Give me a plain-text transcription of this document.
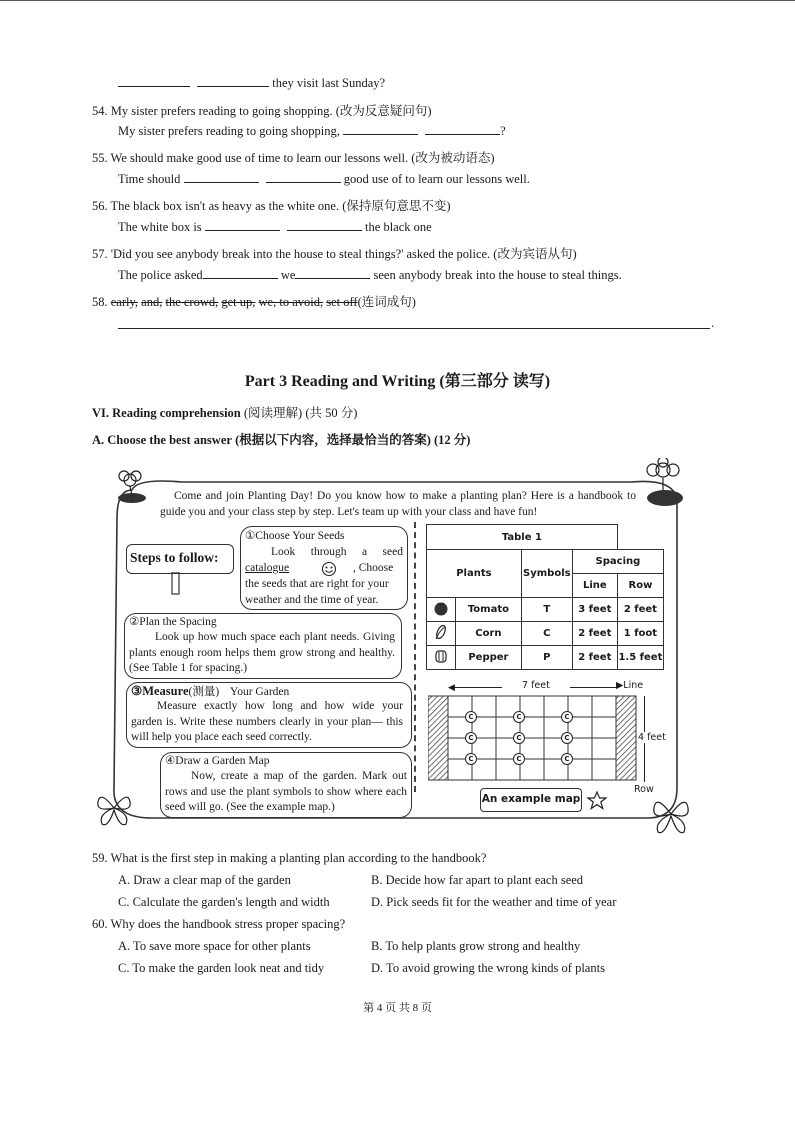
they visit last Sunday?
54. My sister prefers reading to going shopping. (改为反意疑问句)
My sister prefers reading to going shopping,	?
55. We should make good use of time to learn our lessons well. (改为被动语态)
Time should	good use of to learn our lessons well.
56. The black box isn't as heavy as the white one. (保持原句意思不变)
The white box is	the black one
57. 'Did you see anybody break into the house to steal things?' asked the police. (改为宾语从句)
The police asked	we	seen anybody break into the house to steal things.
58. early, and, the crowd, get up, we, to avoid, set off(连词成句)
.
Part 3 Reading and Writing (第三部分 读写)
VI. Reading comprehension (阅读理解) (共 50 分)
A. Choose the best answer (根据以下内容，选择最恰当的答案) (12 分)
Come and join Planting Day! Do you know how to make a planting plan? Here is a handbook to guide you and your class step by step. Let's team up with your class and have fun!
Steps to follow:
①Choose Your Seeds
Look through a seed
catalogue	, Choose
the seeds that are right for your weather and the time of year.
②Plan the Spacing
Look up how much space each plant needs. Giving plants enough room helps them grow strong and healthy. (See Table 1 for spacing.)
③Measure(测量) Your Garden
Measure exactly how long and how wide your garden is. Write these numbers clearly in your plan— this will help you place each seed correctly.
④Draw a Garden Map
Now, create a map of the garden. Mark out rows and use the plant symbols to show where each seed will go. (See the example map.)
Table 1				
Plants		Symbols	Spacing	
			Line	Row
	Tomato	T	3 feet	2 feet
	Corn	C	2 feet	1 foot
	Pepper	P	2 feet	1.5 feet
◀	7 feet	▶Line
C	C	C
C	C	C
C	C	C
4 feet
Row
An example map
59. What is the first step in making a planting plan according to the handbook?
A. Draw a clear map of the garden	B. Decide how far apart to plant each seed
C. Calculate the garden's length and width	D. Pick seeds fit for the weather and time of year
60. Why does the handbook stress proper spacing?
A. To save more space for other plants	B. To help plants grow strong and healthy
C. To make the garden look neat and tidy	D. To avoid growing the wrong kinds of plants
第 4 页 共 8 页
